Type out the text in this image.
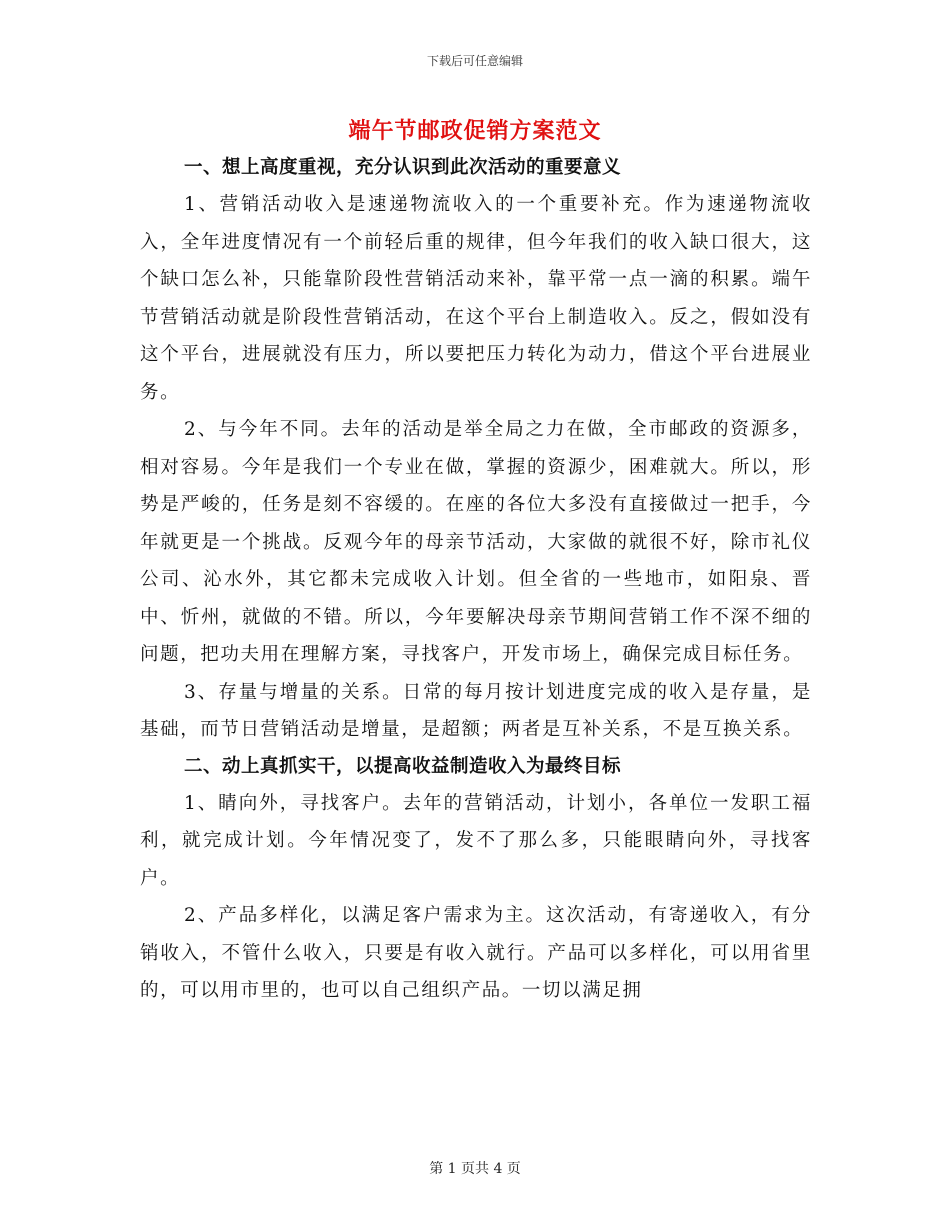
下载后可任意编辑
端午节邮政促销方案范文
一、想上高度重视，充分认识到此次活动的重要意义

1、营销活动收入是速递物流收入的一个重要补充。作为速递物流收入，全年进度情况有一个前轻后重的规律，但今年我们的收入缺口很大，这个缺口怎么补，只能靠阶段性营销活动来补，靠平常一点一滴的积累。端午节营销活动就是阶段性营销活动，在这个平台上制造收入。反之，假如没有这个平台，进展就没有压力，所以要把压力转化为动力，借这个平台进展业务。

2、与今年不同。去年的活动是举全局之力在做，全市邮政的资源多，相对容易。今年是我们一个专业在做，掌握的资源少，困难就大。所以，形势是严峻的，任务是刻不容缓的。在座的各位大多没有直接做过一把手，今年就更是一个挑战。反观今年的母亲节活动，大家做的就很不好，除市礼仪公司、沁水外，其它都未完成收入计划。但全省的一些地市，如阳泉、晋中、忻州，就做的不错。所以，今年要解决母亲节期间营销工作不深不细的问题，把功夫用在理解方案，寻找客户，开发市场上，确保完成目标任务。

3、存量与增量的关系。日常的每月按计划进度完成的收入是存量，是基础，而节日营销活动是增量，是超额；两者是互补关系，不是互换关系。

二、动上真抓实干，以提高收益制造收入为最终目标

1、睛向外，寻找客户。去年的营销活动，计划小，各单位一发职工福利，就完成计划。今年情况变了，发不了那么多，只能眼睛向外，寻找客户。

2、产品多样化，以满足客户需求为主。这次活动，有寄递收入，有分销收入，不管什么收入，只要是有收入就行。产品可以多样化，可以用省里的，可以用市里的，也可以自己组织产品。一切以满足拥

第 1 页共 4 页
